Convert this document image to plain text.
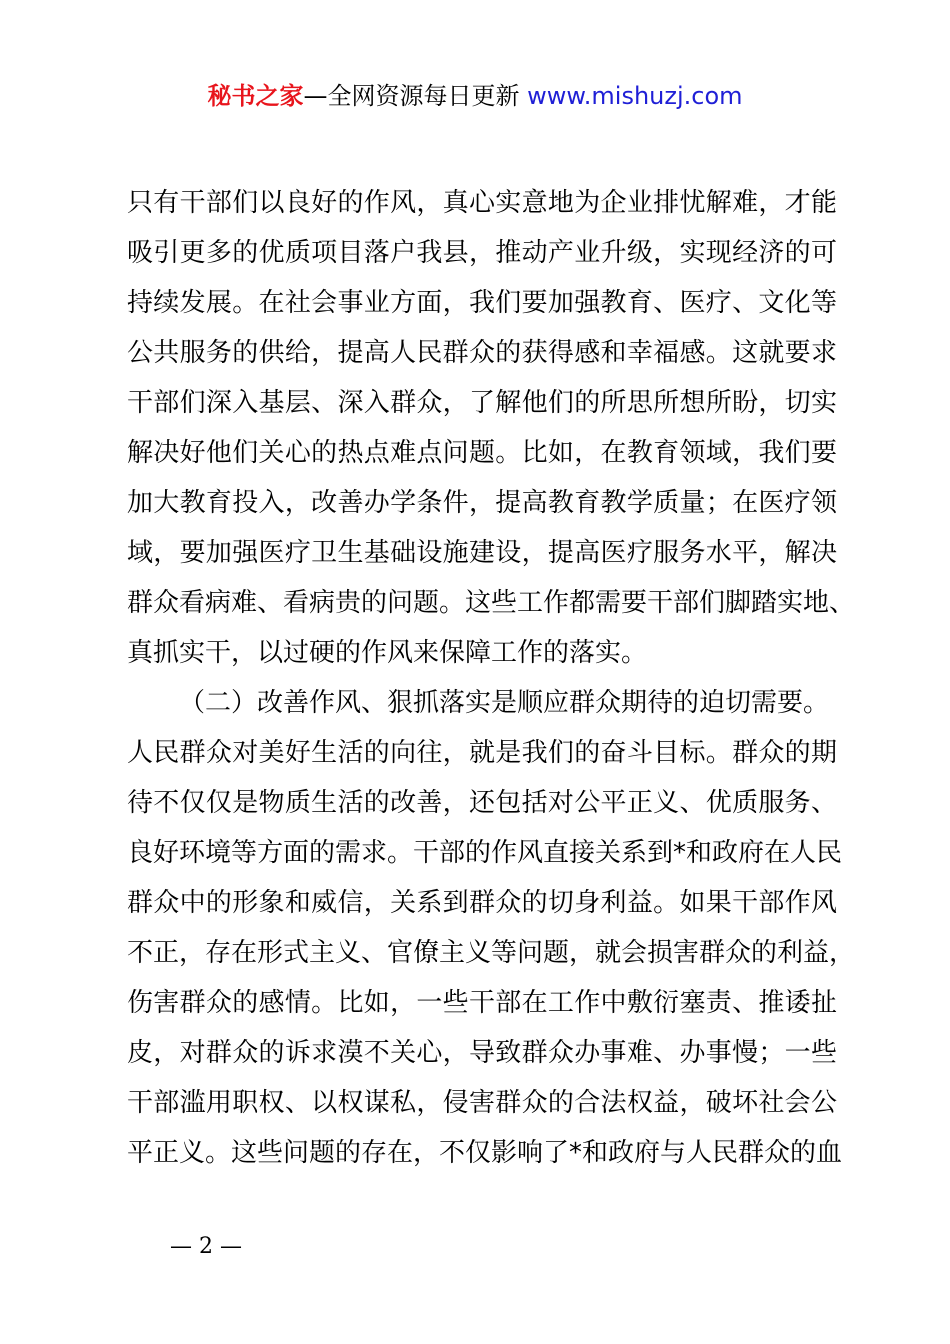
秘书之家—全网资源每日更新 www.mishuzj.com
只有干部们以良好的作风，真心实意地为企业排忧解难，才能
吸引更多的优质项目落户我县，推动产业升级，实现经济的可
持续发展。在社会事业方面，我们要加强教育、医疗、文化等
公共服务的供给，提高人民群众的获得感和幸福感。这就要求
干部们深入基层、深入群众，了解他们的所思所想所盼，切实
解决好他们关心的热点难点问题。比如，在教育领域，我们要
加大教育投入，改善办学条件，提高教育教学质量；在医疗领
域，要加强医疗卫生基础设施建设，提高医疗服务水平，解决
群众看病难、看病贵的问题。这些工作都需要干部们脚踏实地、
真抓实干，以过硬的作风来保障工作的落实。
（二）改善作风、狠抓落实是顺应群众期待的迫切需要。
人民群众对美好生活的向往，就是我们的奋斗目标。群众的期
待不仅仅是物质生活的改善，还包括对公平正义、优质服务、
良好环境等方面的需求。干部的作风直接关系到*和政府在人民
群众中的形象和威信，关系到群众的切身利益。如果干部作风
不正，存在形式主义、官僚主义等问题，就会损害群众的利益，
伤害群众的感情。比如，一些干部在工作中敷衍塞责、推诿扯
皮，对群众的诉求漠不关心，导致群众办事难、办事慢；一些
干部滥用职权、以权谋私，侵害群众的合法权益，破坏社会公
平正义。这些问题的存在，不仅影响了*和政府与人民群众的血
— 2 —
